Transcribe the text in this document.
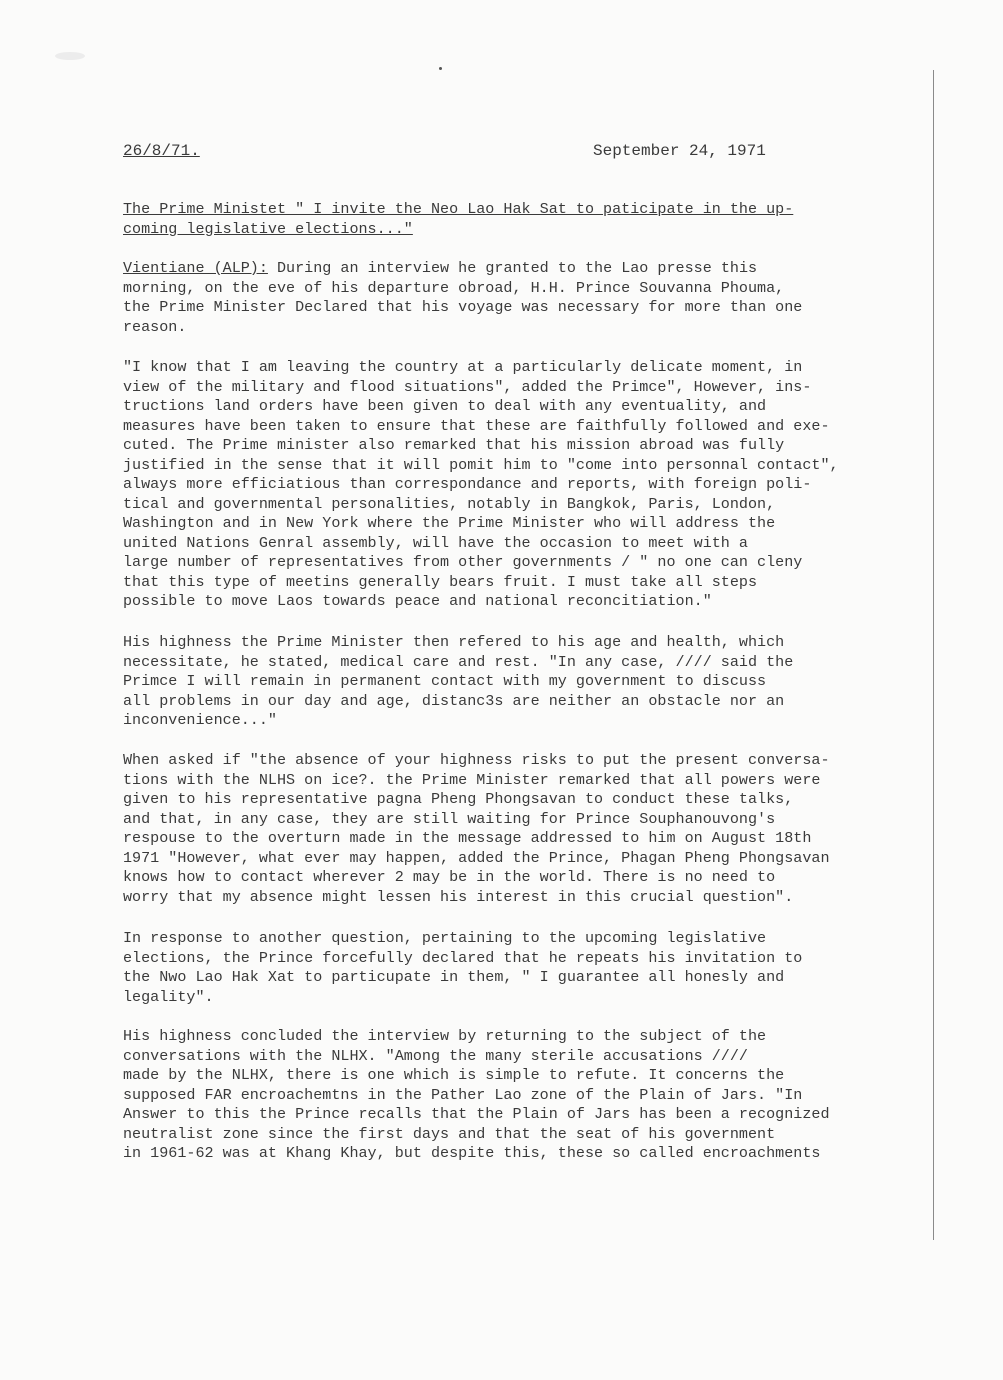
26/8/71.	September 24, 1971
The Prime Ministet " I invite the Neo Lao Hak Sat to paticipate in the up-
coming legislative elections..."
Vientiane (ALP): During an interview he granted to the Lao presse this
morning, on the eve of his departure obroad, H.H. Prince Souvanna Phouma,
the Prime Minister Declared that his voyage was necessary for more than one
reason.
"I know that I am leaving the country at a particularly delicate moment, in
view of the military and flood situations", added the Primce", However, ins-
tructions land orders have been given to deal with any eventuality, and
measures have been taken to ensure that these are faithfully followed and exe-
cuted. The Prime minister also remarked that his mission abroad was fully
justified in the sense that it will pomit him to "come into personnal contact",
always more efficiatious than correspondance and reports, with foreign poli-
tical and governmental personalities, notably in Bangkok, Paris, London,
Washington and in New York where the Prime Minister who will address the
united Nations Genral assembly, will have the occasion to meet with a
large number of representatives from other governments / " no one can cleny
that this type of meetins generally bears fruit. I must take all steps
possible to move Laos towards peace and national reconcitiation."
His highness the Prime Minister then refered to his age and health, which
necessitate, he stated, medical care and rest. "In any case, //// said the
Primce I will remain in permanent contact with my government to discuss
all problems in our day and age, distanc3s are neither an obstacle nor an
inconvenience..."
When asked if "the absence of your highness risks to put the present conversa-
tions with the NLHS on ice?. the Prime Minister remarked that all powers were
given to his representative pagna Pheng Phongsavan to conduct these talks,
and that, in any case, they are still waiting for Prince Souphanouvong's
respouse to the overturn made in the message addressed to him on August 18th
1971 "However, what ever may happen, added the Prince, Phagan Pheng Phongsavan
knows how to contact wherever 2 may be in the world. There is no need to
worry that my absence might lessen his interest in this crucial question".
In response to another question, pertaining to the upcoming legislative
elections, the Prince forcefully declared that he repeats his invitation to
the Nwo Lao Hak Xat to particupate in them, " I guarantee all honesly and
legality".
His highness concluded the interview by returning to the subject of the
conversations with the NLHX. "Among the many sterile accusations ////
made by the NLHX, there is one which is simple to refute. It concerns the
supposed FAR encroachemtns in the Pather Lao zone of the Plain of Jars. "In
Answer to this the Prince recalls that the Plain of Jars has been a recognized
neutralist zone since the first days and that the seat of his government
in 1961-62 was at Khang Khay, but despite this, these so called encroachments
